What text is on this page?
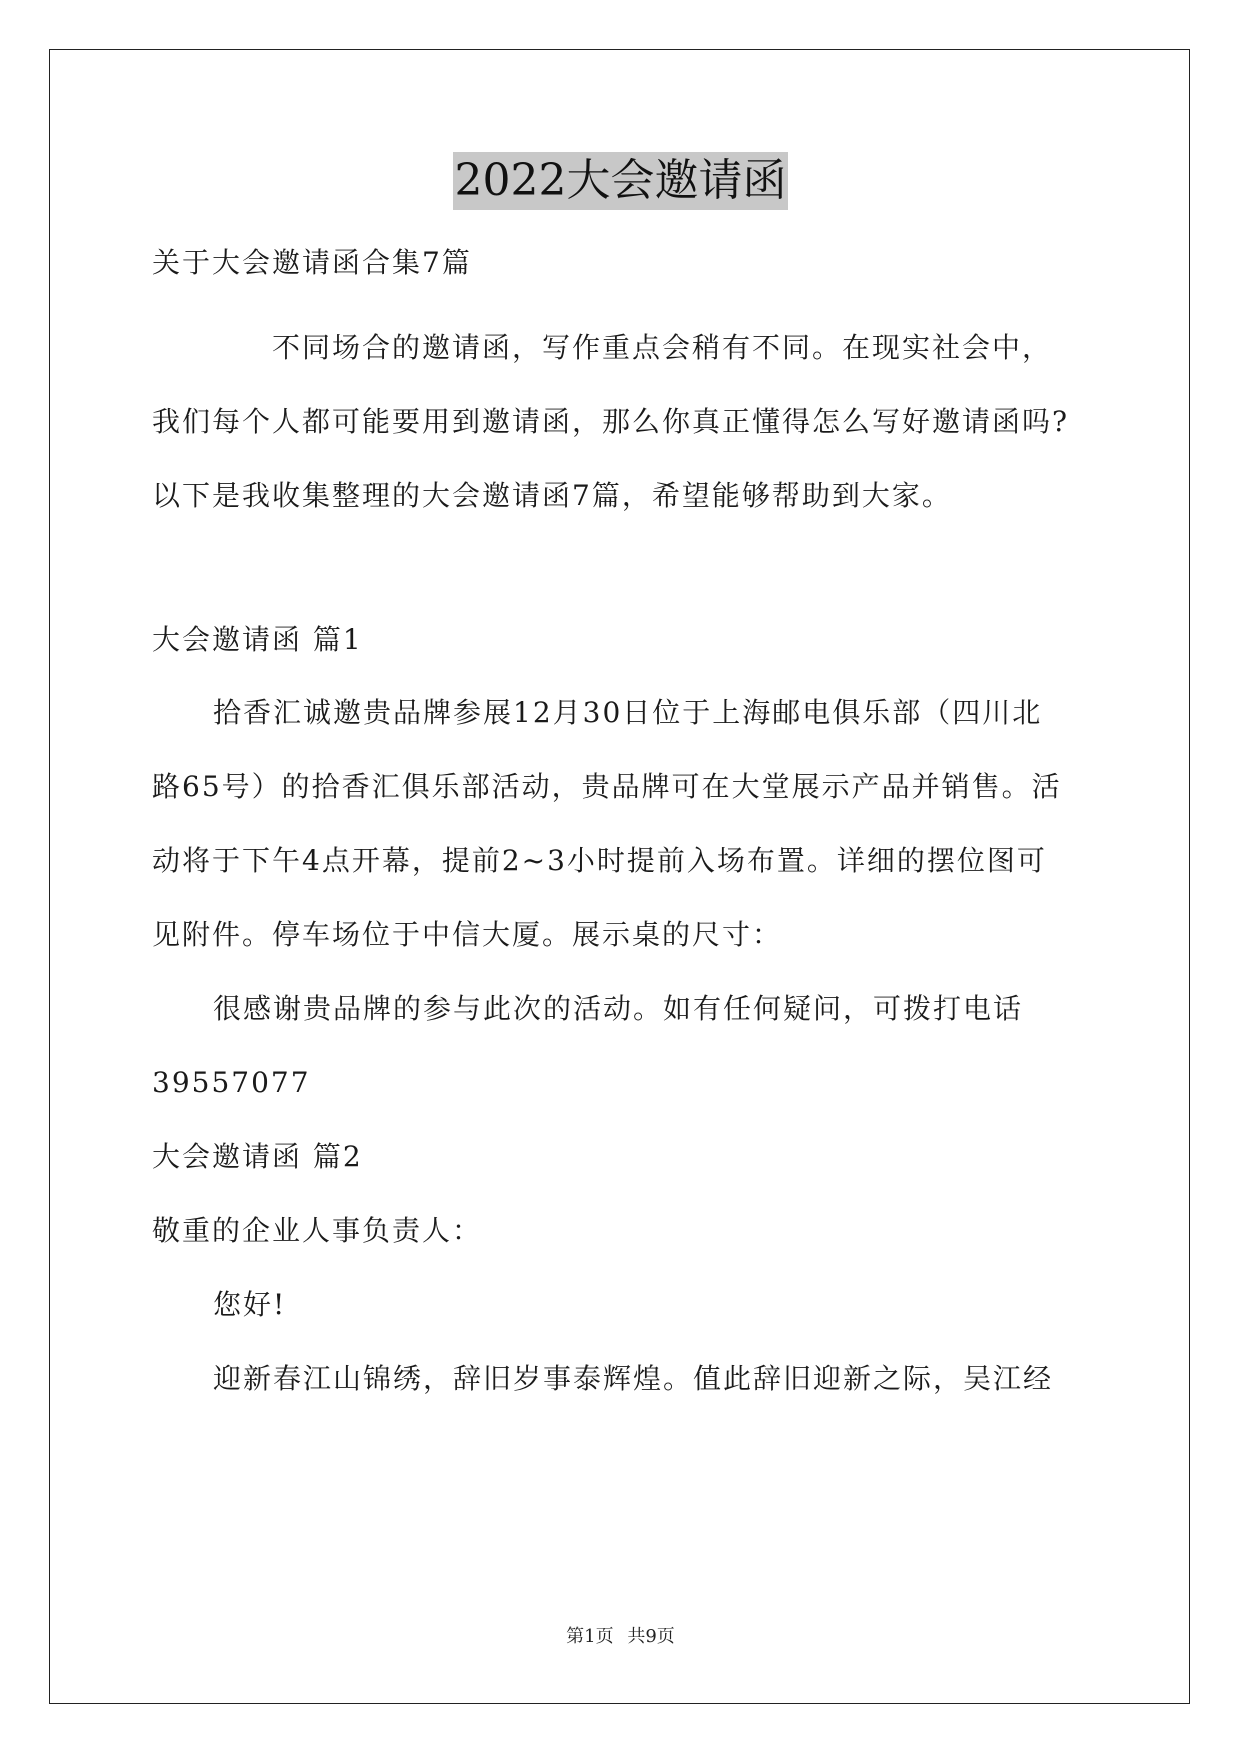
2022大会邀请函
关于大会邀请函合集7篇
不同场合的邀请函，写作重点会稍有不同。在现实社会中，
我们每个人都可能要用到邀请函，那么你真正懂得怎么写好邀请函吗?
以下是我收集整理的大会邀请函7篇，希望能够帮助到大家。
大会邀请函 篇1
拾香汇诚邀贵品牌参展12月30日位于上海邮电俱乐部（四川北
路65号）的拾香汇俱乐部活动，贵品牌可在大堂展示产品并销售。活
动将于下午4点开幕，提前2~3小时提前入场布置。详细的摆位图可
见附件。停车场位于中信大厦。展示桌的尺寸：
很感谢贵品牌的参与此次的活动。如有任何疑问，可拨打电话
39557077
大会邀请函 篇2
敬重的企业人事负责人：
您好!
迎新春江山锦绣，辞旧岁事泰辉煌。值此辞旧迎新之际，吴江经
第1页 共9页
